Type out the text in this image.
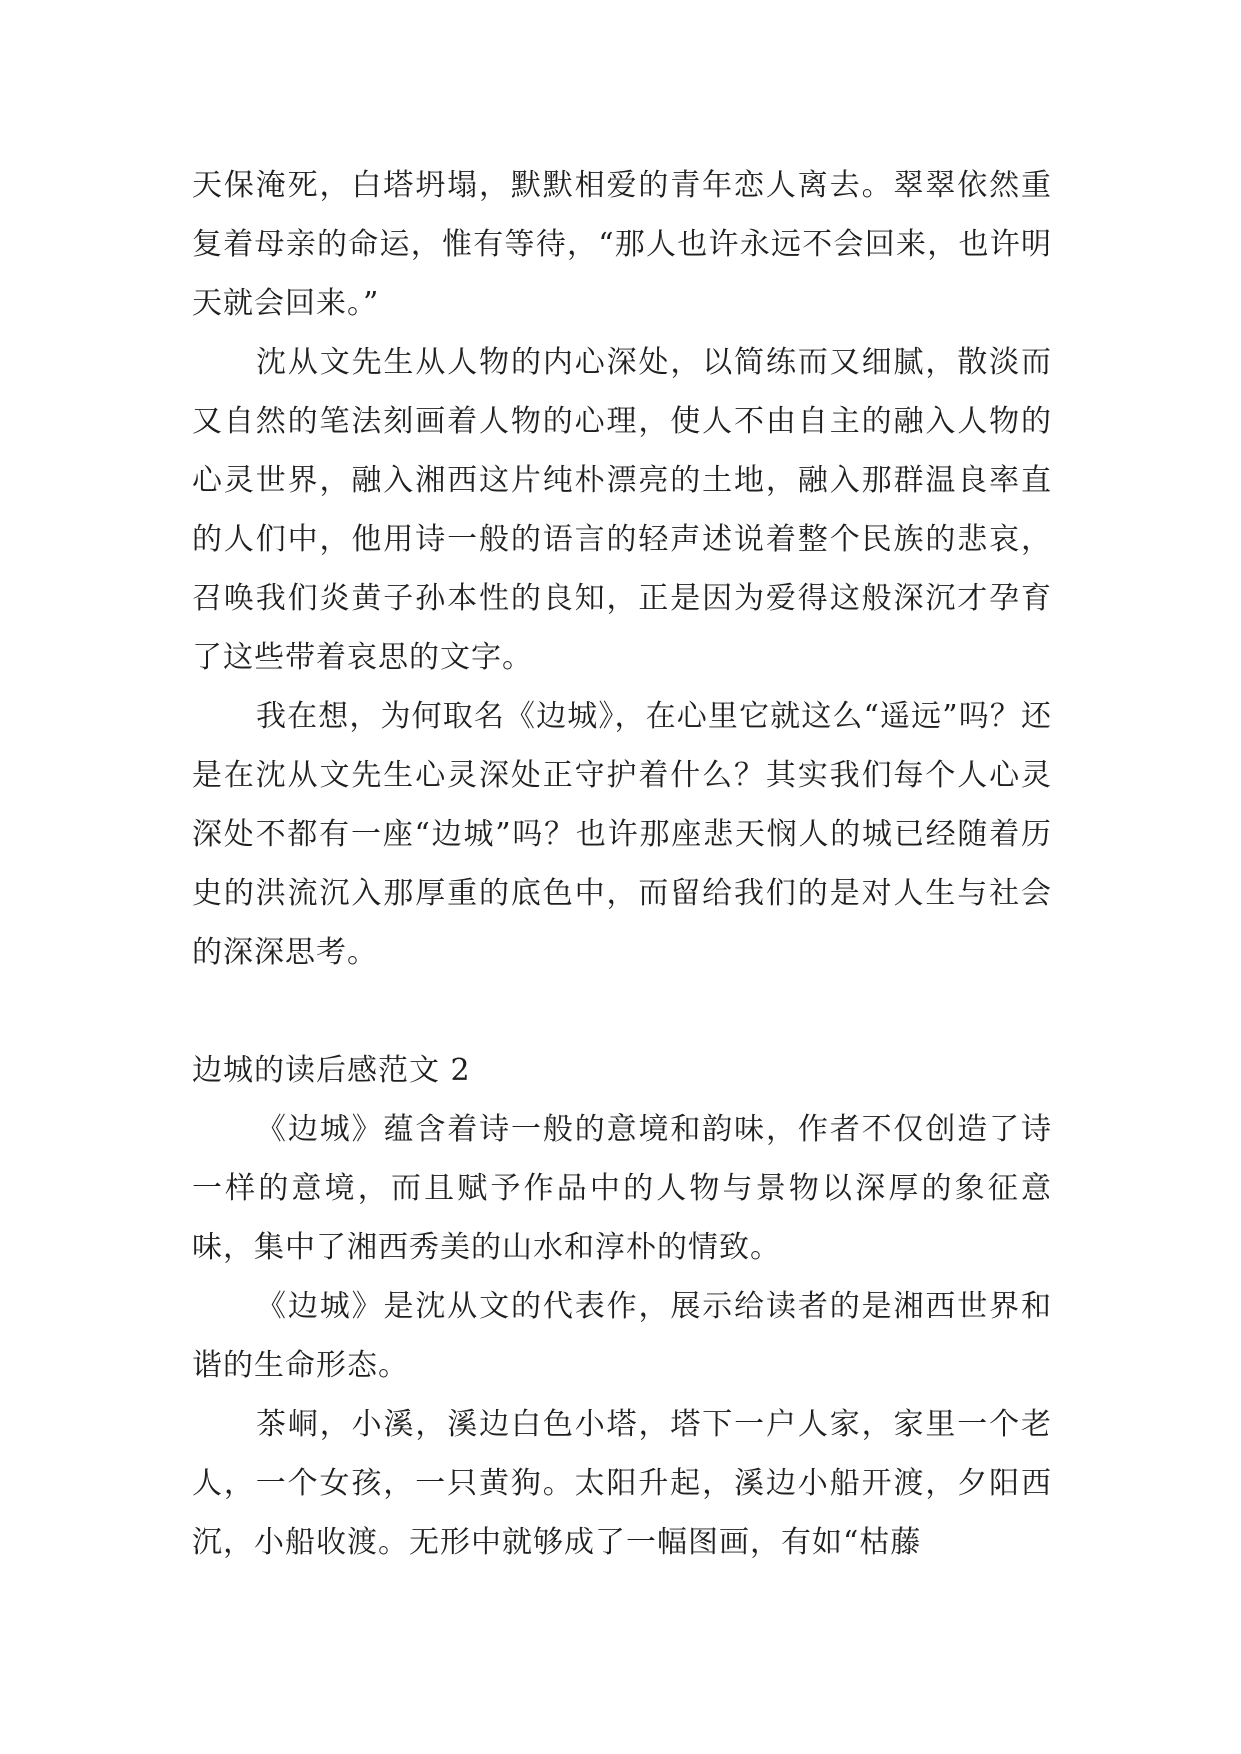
天保淹死，白塔坍塌，默默相爱的青年恋人离去。翠翠依然重复着母亲的命运，惟有等待，“那人也许永远不会回来，也许明天就会回来。”

沈从文先生从人物的内心深处，以简练而又细腻，散淡而又自然的笔法刻画着人物的心理，使人不由自主的融入人物的心灵世界，融入湘西这片纯朴漂亮的土地，融入那群温良率直的人们中，他用诗一般的语言的轻声述说着整个民族的悲哀，召唤我们炎黄子孙本性的良知，正是因为爱得这般深沉才孕育了这些带着哀思的文字。

我在想，为何取名《边城》，在心里它就这么“遥远”吗？还是在沈从文先生心灵深处正守护着什么？其实我们每个人心灵深处不都有一座“边城”吗？也许那座悲天悯人的城已经随着历史的洪流沉入那厚重的底色中，而留给我们的是对人生与社会的深深思考。

边城的读后感范文 2

《边城》蕴含着诗一般的意境和韵味，作者不仅创造了诗一样的意境，而且赋予作品中的人物与景物以深厚的象征意味，集中了湘西秀美的山水和淳朴的情致。

《边城》是沈从文的代表作，展示给读者的是湘西世界和谐的生命形态。

茶峒，小溪，溪边白色小塔，塔下一户人家，家里一个老人，一个女孩，一只黄狗。太阳升起，溪边小船开渡，夕阳西沉，小船收渡。无形中就够成了一幅图画，有如“枯藤
